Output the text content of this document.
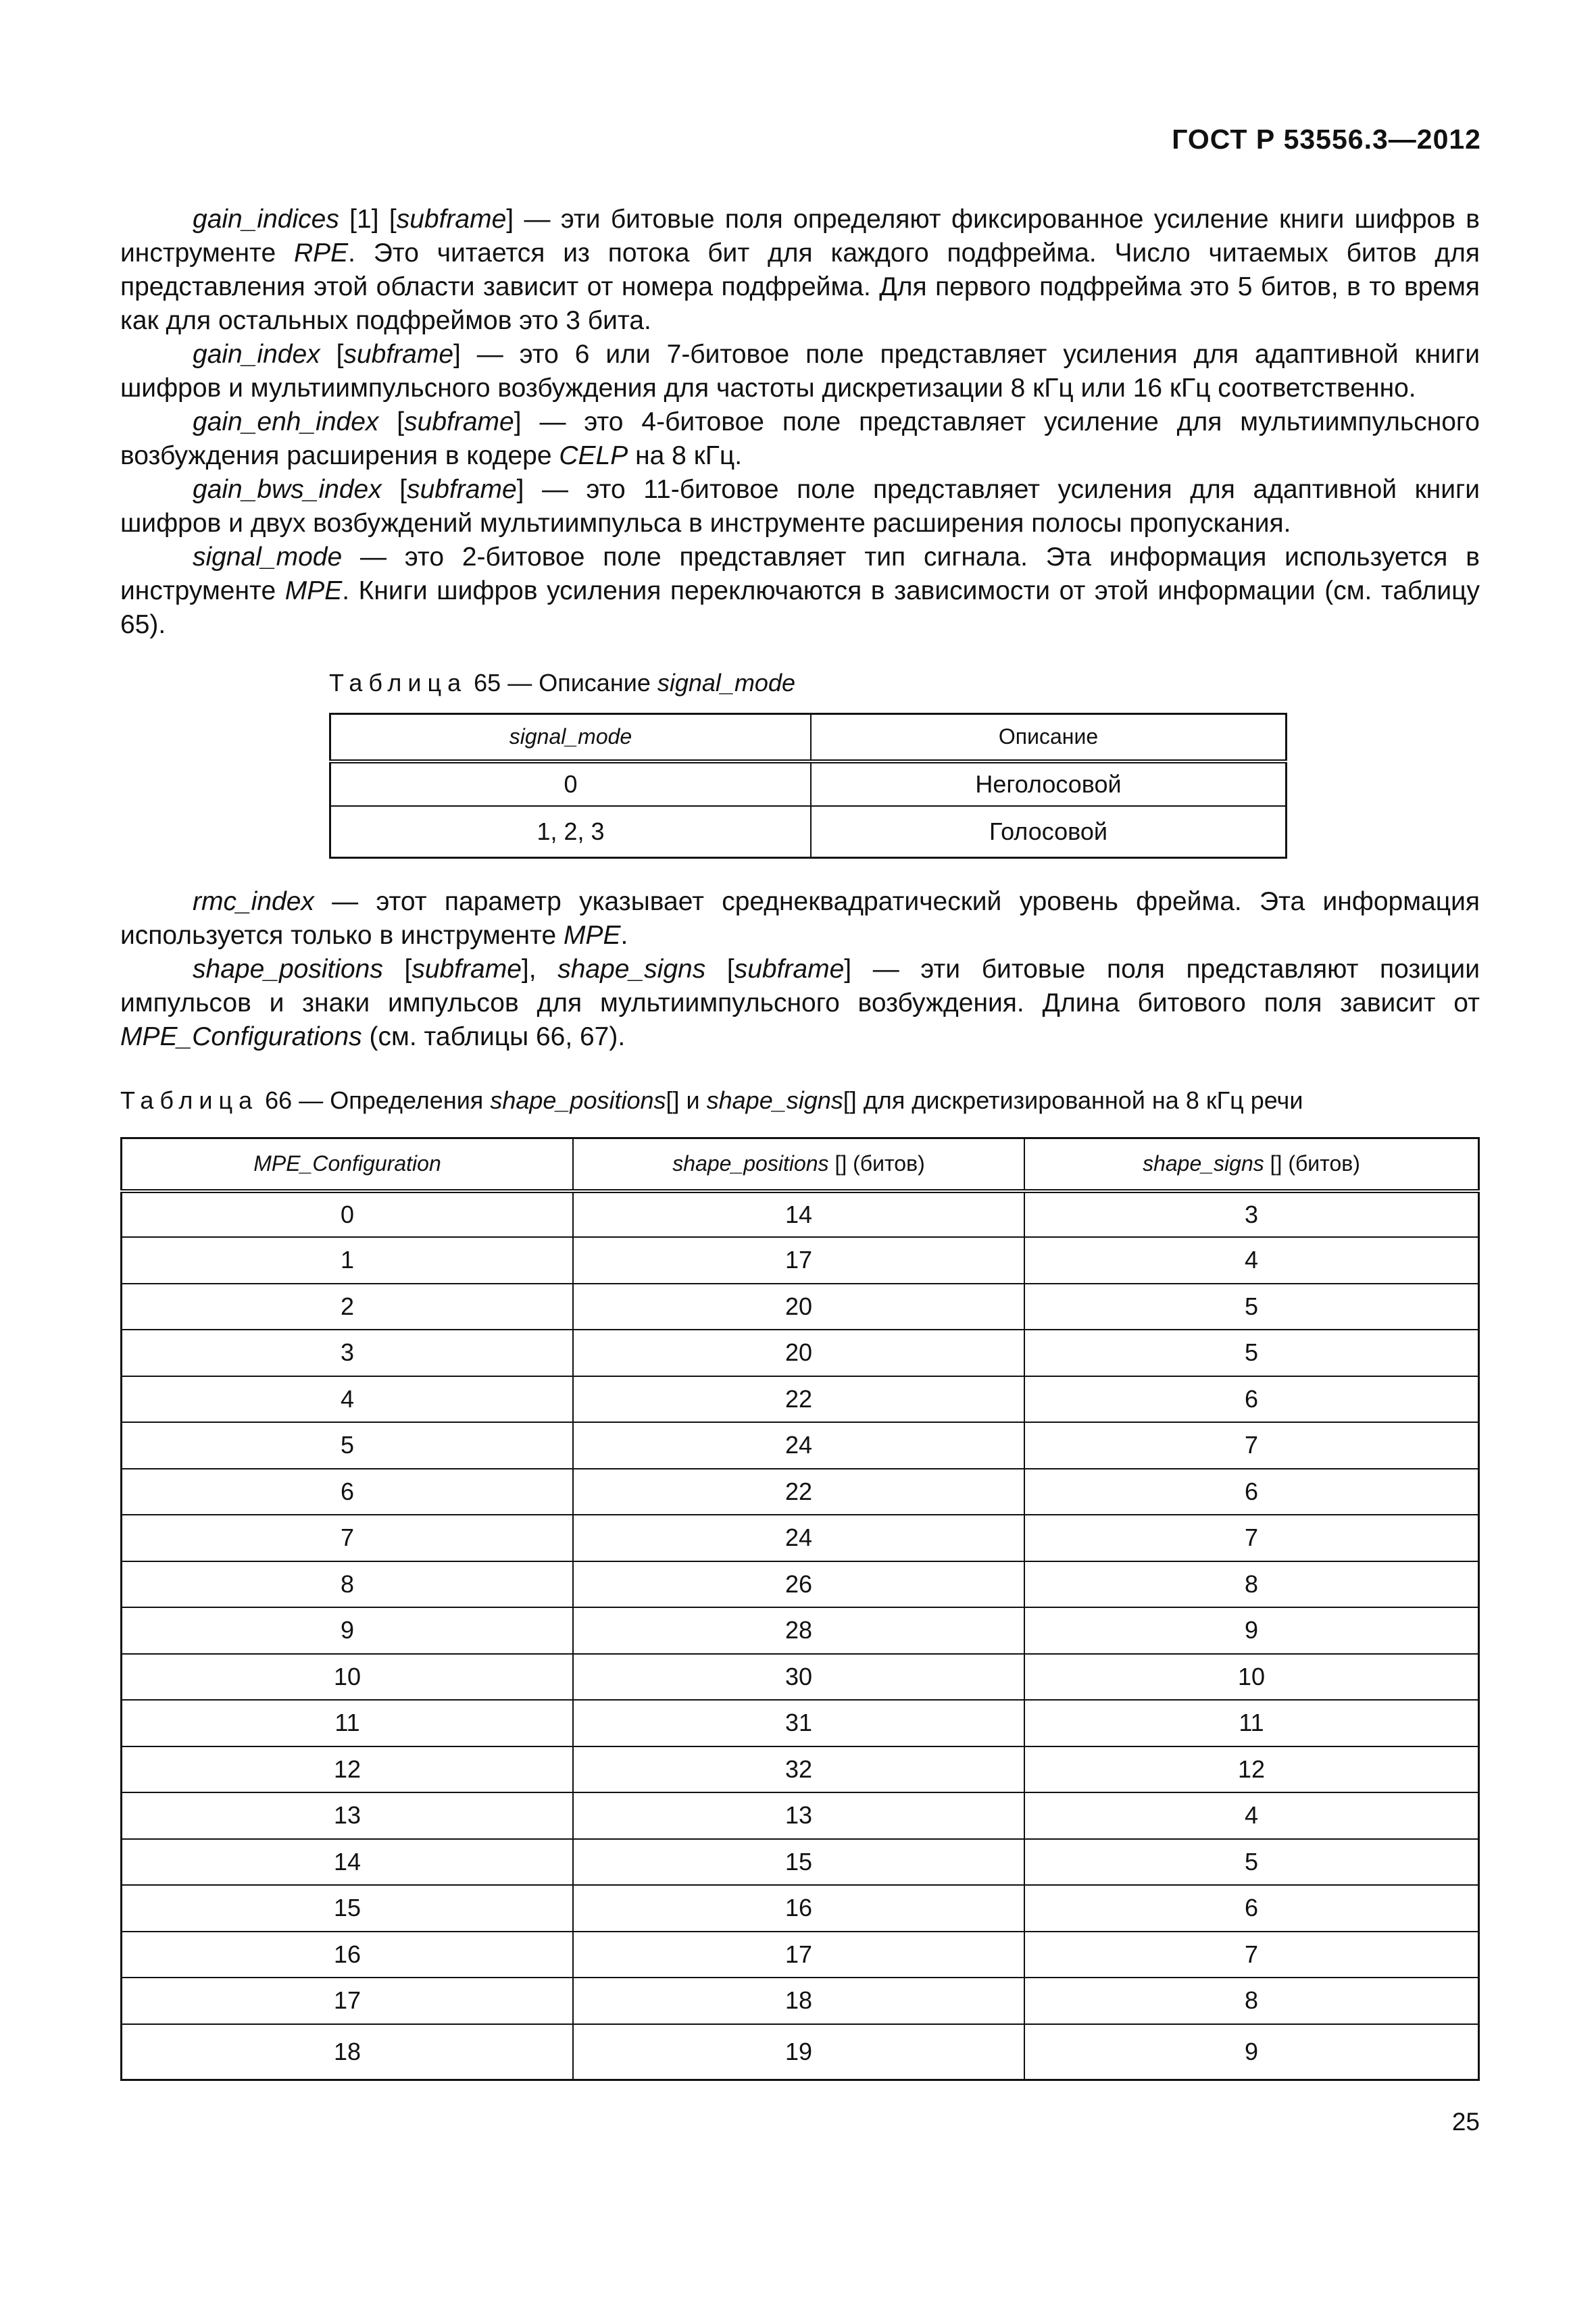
ГОСТ Р 53556.3—2012

gain_indices [1] [subframe] — эти битовые поля определяют фиксированное усиление книги шифров в инструменте RPE. Это читается из потока бит для каждого подфрейма. Число читаемых битов для представления этой области зависит от номера подфрейма. Для первого подфрейма это 5 битов, в то время как для остальных подфреймов это 3 бита.

gain_index [subframe] — это 6 или 7-битовое поле представляет усиления для адаптивной книги шифров и мультиимпульсного возбуждения для частоты дискретизации 8 кГц или 16 кГц соответственно.

gain_enh_index [subframe] — это 4-битовое поле представляет усиление для мультиимпульсного возбуждения расширения в кодере CELP на 8 кГц.

gain_bws_index [subframe] — это 11-битовое поле представляет усиления для адаптивной книги шифров и двух возбуждений мультиимпульса в инструменте расширения полосы пропускания.

signal_mode — это 2-битовое поле представляет тип сигнала. Эта информация используется в инструменте MPE. Книги шифров усиления переключаются в зависимости от этой информации (см. таблицу 65).

Таблица 65 — Описание signal_mode
signal_mode	Описание
0	Неголосовой
1, 2, 3	Голосовой

rmc_index — этот параметр указывает среднеквадратический уровень фрейма. Эта информация используется только в инструменте MPE.

shape_positions [subframe], shape_signs [subframe] — эти битовые поля представляют позиции импульсов и знаки импульсов для мультиимпульсного возбуждения. Длина битового поля зависит от MPE_Configurations (см. таблицы 66, 67).

Таблица 66 — Определения shape_positions[] и shape_signs[] для дискретизированной на 8 кГц речи
MPE_Configuration	shape_positions [] (битов)	shape_signs [] (битов)
0	14	3
1	17	4
2	20	5
3	20	5
4	22	6
5	24	7
6	22	6
7	24	7
8	26	8
9	28	9
10	30	10
11	31	11
12	32	12
13	13	4
14	15	5
15	16	6
16	17	7
17	18	8
18	19	9
25
